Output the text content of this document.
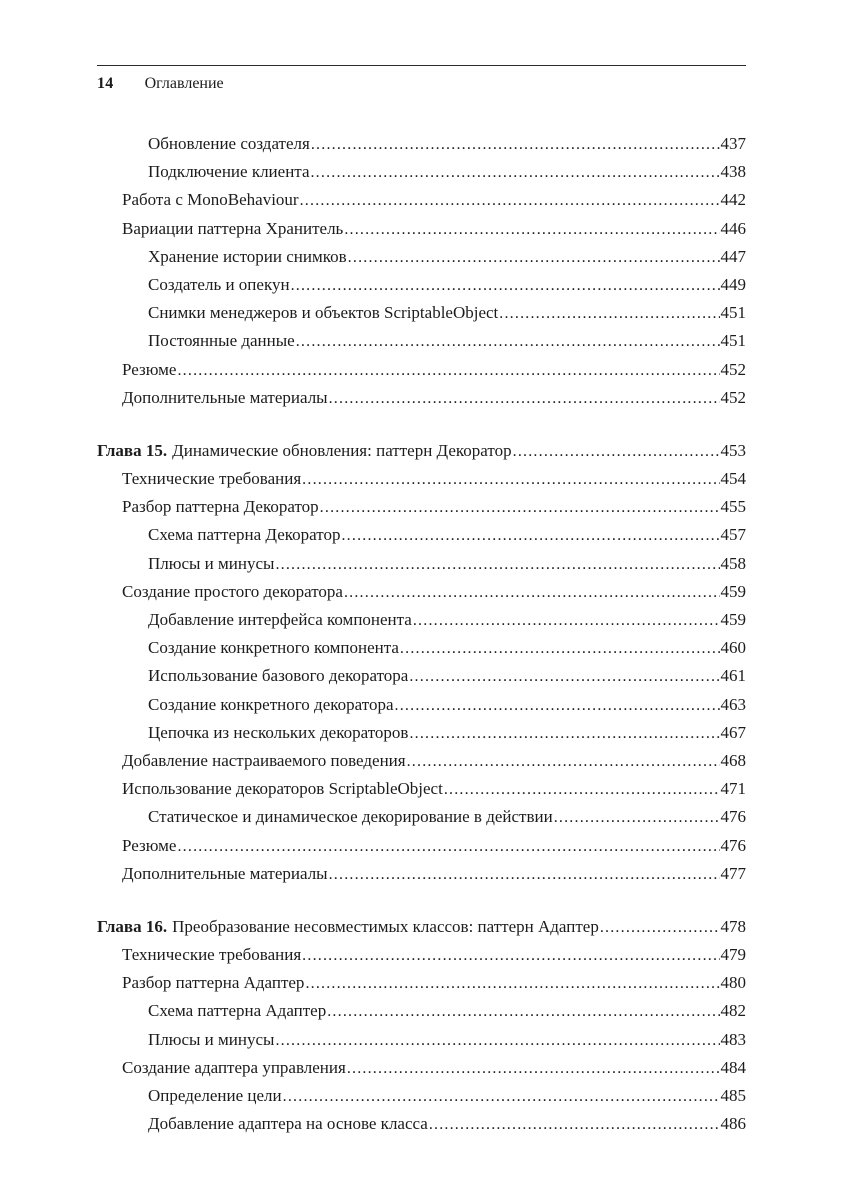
14 Оглавление
Обновление создателя .....	437
Подключение клиента .....	438
Работа с MonoBehaviour .....	442
Вариации паттерна Хранитель .....	446
Хранение истории снимков .....	447
Создатель и опекун .....	449
Снимки менеджеров и объектов ScriptableObject .....	451
Постоянные данные .....	451
Резюме .....	452
Дополнительные материалы .....	452
Глава 15. Динамические обновления: паттерн Декоратор .....	453
Технические требования .....	454
Разбор паттерна Декоратор .....	455
Схема паттерна Декоратор .....	457
Плюсы и минусы .....	458
Создание простого декоратора .....	459
Добавление интерфейса компонента .....	459
Создание конкретного компонента .....	460
Использование базового декоратора .....	461
Создание конкретного декоратора .....	463
Цепочка из нескольких декораторов .....	467
Добавление настраиваемого поведения .....	468
Использование декораторов ScriptableObject .....	471
Статическое и динамическое декорирование в действии .....	476
Резюме .....	476
Дополнительные материалы .....	477
Глава 16. Преобразование несовместимых классов: паттерн Адаптер .....	478
Технические требования .....	479
Разбор паттерна Адаптер .....	480
Схема паттерна Адаптер .....	482
Плюсы и минусы .....	483
Создание адаптера управления .....	484
Определение цели .....	485
Добавление адаптера на основе класса .....	486
